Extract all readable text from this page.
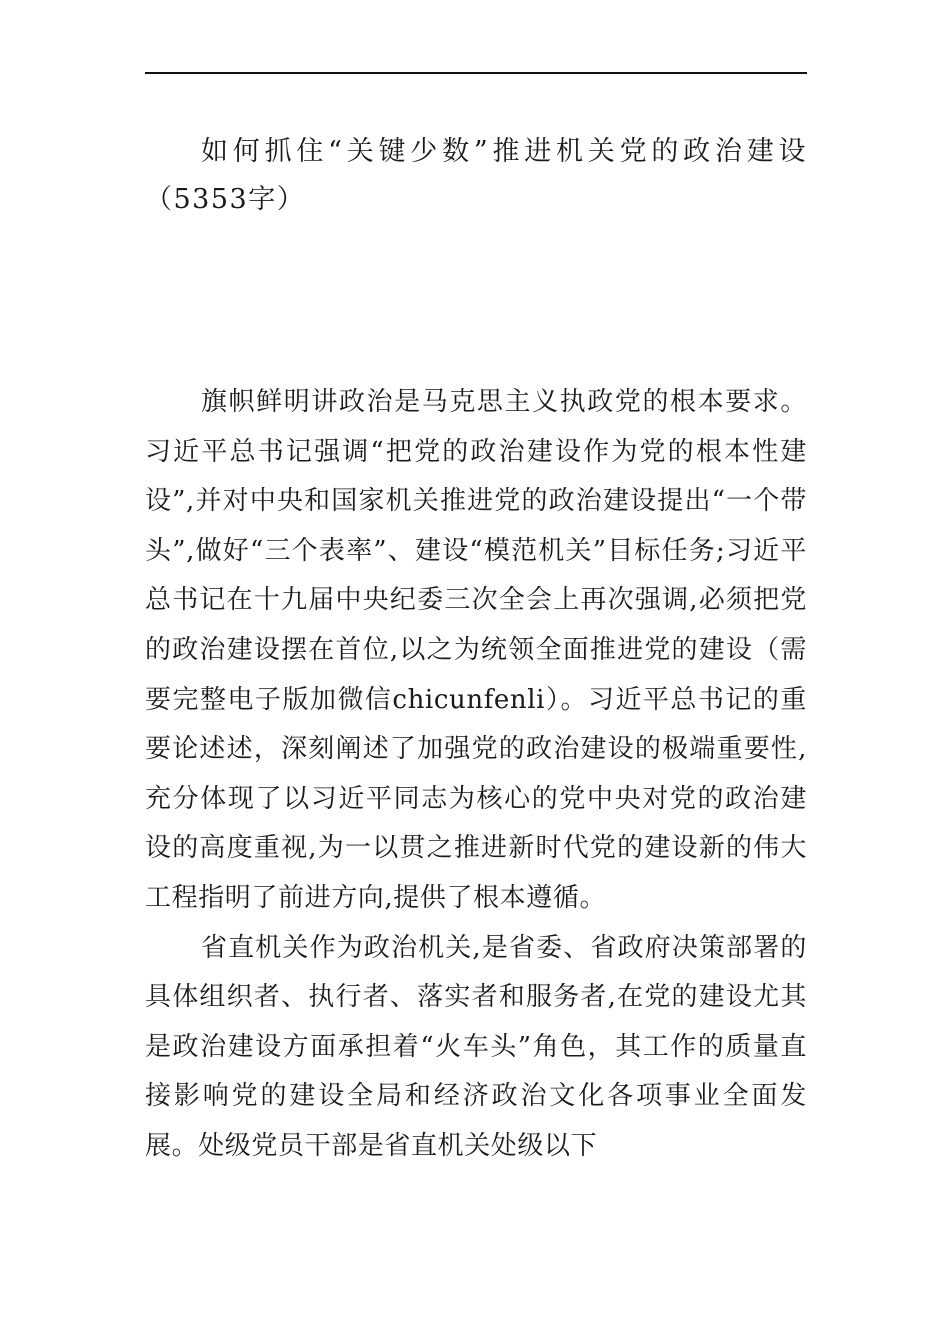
如何抓住“关键少数”推进机关党的政治建设（5353字）

旗帜鲜明讲政治是马克思主义执政党的根本要求。习近平总书记强调“把党的政治建设作为党的根本性建设”,并对中央和国家机关推进党的政治建设提出“一个带头”,做好“三个表率”、建设“模范机关”目标任务;习近平总书记在十九届中央纪委三次全会上再次强调,必须把党的政治建设摆在首位,以之为统领全面推进党的建设（需要完整电子版加微信chicunfenli）。习近平总书记的重要论述述，深刻阐述了加强党的政治建设的极端重要性,充分体现了以习近平同志为核心的党中央对党的政治建设的高度重视,为一以贯之推进新时代党的建设新的伟大工程指明了前进方向,提供了根本遵循。

省直机关作为政治机关,是省委、省政府决策部署的具体组织者、执行者、落实者和服务者,在党的建设尤其是政治建设方面承担着“火车头”角色，其工作的质量直接影响党的建设全局和经济政治文化各项事业全面发展。处级党员干部是省直机关处级以下
